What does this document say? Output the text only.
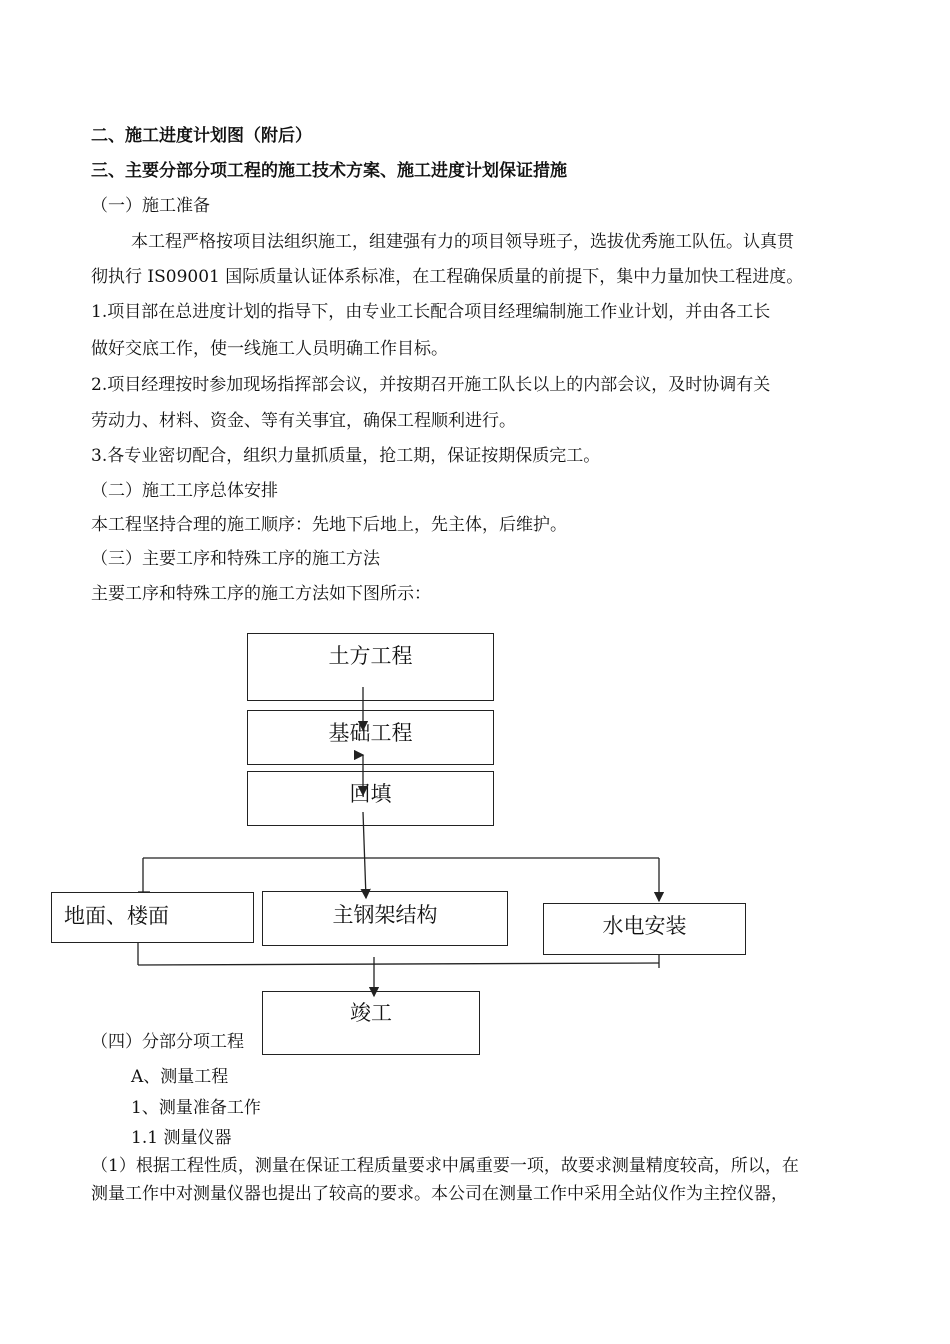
二、施工进度计划图（附后）
三、主要分部分项工程的施工技术方案、施工进度计划保证措施
（一）施工准备
本工程严格按项目法组织施工，组建强有力的项目领导班子，选拔优秀施工队伍。认真贯
彻执行 IS09001 国际质量认证体系标准，在工程确保质量的前提下，集中力量加快工程进度。
1.项目部在总进度计划的指导下，由专业工长配合项目经理编制施工作业计划，并由各工长
做好交底工作，使一线施工人员明确工作目标。
2.项目经理按时参加现场指挥部会议，并按期召开施工队长以上的内部会议，及时协调有关
劳动力、材料、资金、等有关事宜，确保工程顺利进行。
3.各专业密切配合，组织力量抓质量，抢工期，保证按期保质完工。
（二）施工工序总体安排
本工程坚持合理的施工顺序：先地下后地上，先主体，后维护。
（三）主要工序和特殊工序的施工方法
主要工序和特殊工序的施工方法如下图所示：
土方工程
基础工程
回填
地面、楼面	主钢架结构	水电安装
竣工
（四）分部分项工程
A、测量工程
1、测量准备工作
1.1 测量仪器
（1）根据工程性质，测量在保证工程质量要求中属重要一项，故要求测量精度较高，所以，在
测量工作中对测量仪器也提出了较高的要求。本公司在测量工作中采用全站仪作为主控仪器，
